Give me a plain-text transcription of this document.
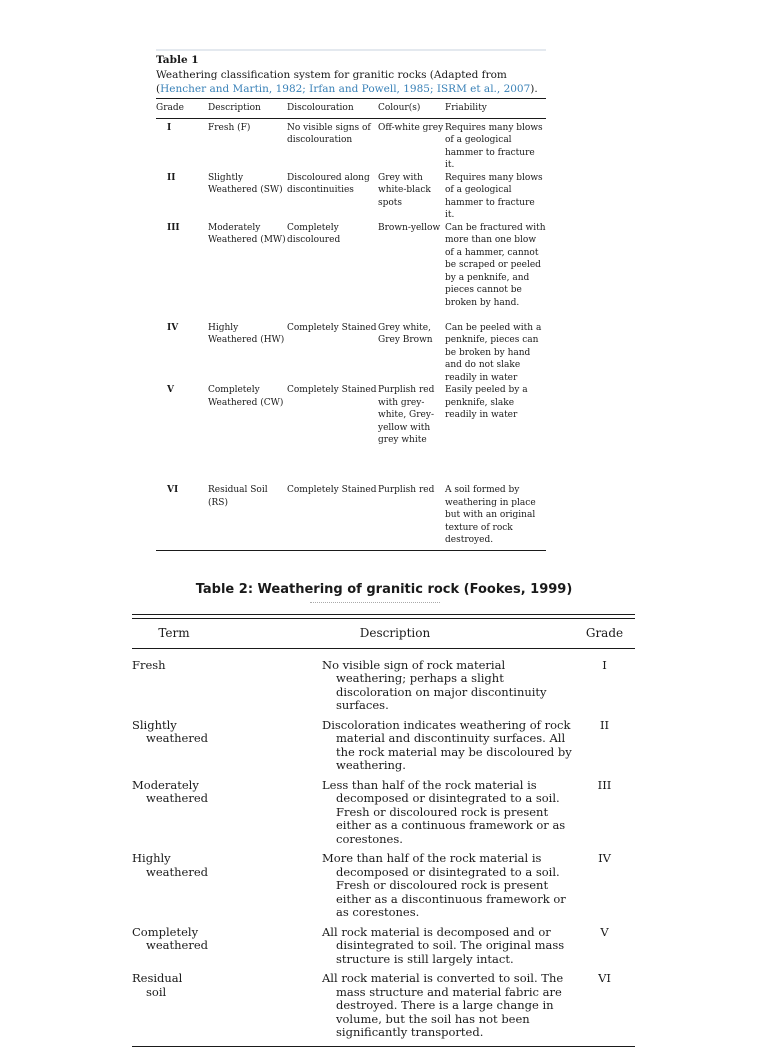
Table 1

Weathering classification system for granitic rocks (Adapted from (Hencher and Martin, 1982; Irfan and Powell, 1985; ISRM et al., 2007).

Grade	Description	Discolouration	Colour(s)	Friability
I	Fresh (F)	No visible signs of discolouration	Off-white grey	Requires many blows of a geological hammer to fracture it.
II	Slightly Weathered (SW)	Discoloured along discontinuities	Grey with white-black spots	Requires many blows of a geological hammer to fracture it.
III	Moderately Weathered (MW)	Completely discoloured	Brown-yellow	Can be fractured with more than one blow of a hammer, cannot be scraped or peeled by a penknife, and pieces cannot be broken by hand.
IV	Highly Weathered (HW)	Completely Stained	Grey white, Grey Brown	Can be peeled with a penknife, pieces can be broken by hand and do not slake readily in water
V	Completely Weathered (CW)	Completely Stained	Purplish red with grey-white, Grey-yellow with grey white	Easily peeled by a penknife, slake readily in water
VI	Residual Soil (RS)	Completely Stained	Purplish red	A soil formed by weathering in place but with an original texture of rock destroyed.

Table 2: Weathering of granitic rock (Fookes, 1999)

Term	Description	Grade

Fresh	No visible sign of rock material weathering; perhaps a slight discoloration on major discontinuity surfaces.	I

Slightly
weathered	Discoloration indicates weathering of rock material and discontinuity surfaces. All the rock material may be discoloured by weathering.	II

Moderately
weathered	Less than half of the rock material is decomposed or disintegrated to a soil. Fresh or discoloured rock is present either as a continuous framework or as corestones.	III

Highly
weathered	More than half of the rock material is decomposed or disintegrated to a soil. Fresh or discoloured rock is present either as a discontinuous framework or as corestones.	IV

Completely
weathered	All rock material is decomposed and or disintegrated to soil. The original mass structure is still largely intact.	V

Residual
soil	All rock material is converted to soil. The mass structure and material fabric are destroyed. There is a large change in volume, but the soil has not been significantly transported.	VI
